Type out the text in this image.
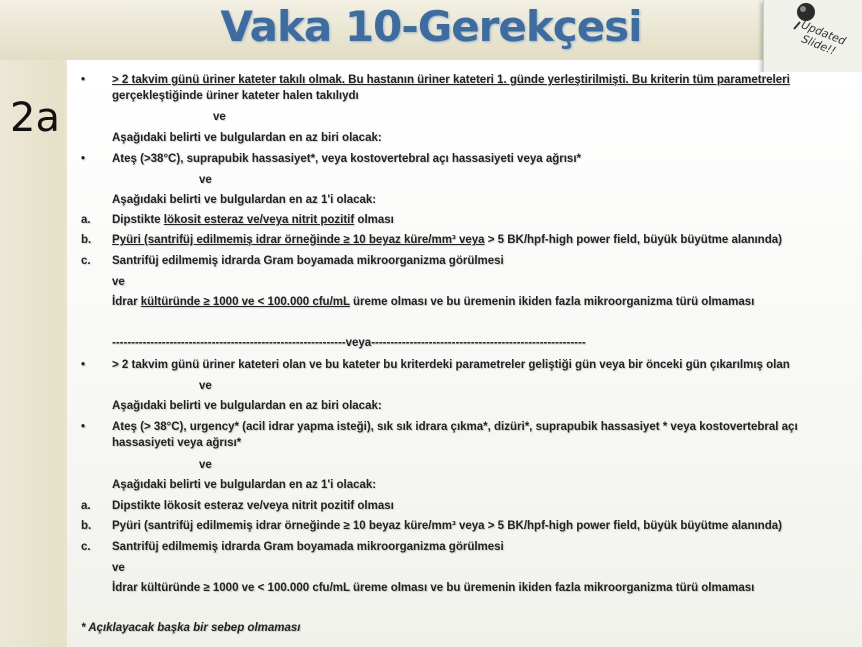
Vaka 10-Gerekçesi	Updated Slide!!
2a
• > 2 takvim günü üriner kateter takılı olmak. Bu hastanın üriner kateteri 1. günde yerleştirilmişti. Bu kriterin tüm parametreleri
gerçekleştiğinde üriner kateter halen takılıydı
ve
Aşağıdaki belirti ve bulgulardan en az biri olacak:
• Ateş (>38°C), suprapubik hassasiyet*, veya kostovertebral açı hassasiyeti veya ağrısı*
ve
Aşağıdaki belirti ve bulgulardan en az 1'i olacak:
a. Dipstikte lökosit esteraz ve/veya nitrit pozitif olması
b. Pyüri (santrifüj edilmemiş idrar örneğinde ≥ 10 beyaz küre/mm³ veya > 5 BK/hpf-high power field, büyük büyütme alanında)
c. Santrifüj edilmemiş idrarda Gram boyamada mikroorganizma görülmesi
ve
İdrar kültüründe ≥ 1000 ve < 100.000 cfu/mL üreme olması ve bu üremenin ikiden fazla mikroorganizma türü olmaması
-------------------------------------------------------------veya--------------------------------------------------------
• > 2 takvim günü üriner kateteri olan ve bu kateter bu kriterdeki parametreler geliştiği gün veya bir önceki gün çıkarılmış olan
ve
Aşağıdaki belirti ve bulgulardan en az biri olacak:
• Ateş (> 38°C), urgency* (acil idrar yapma isteği), sık sık idrara çıkma*, dizüri*, suprapubik hassasiyet * veya kostovertebral açı
hassasiyeti veya ağrısı*
ve
Aşağıdaki belirti ve bulgulardan en az 1'i olacak:
a. Dipstikte lökosit esteraz ve/veya nitrit pozitif olması
b. Pyüri (santrifüj edilmemiş idrar örneğinde ≥ 10 beyaz küre/mm³ veya > 5 BK/hpf-high power field, büyük büyütme alanında)
c. Santrifüj edilmemiş idrarda Gram boyamada mikroorganizma görülmesi
ve
İdrar kültüründe ≥ 1000 ve < 100.000 cfu/mL üreme olması ve bu üremenin ikiden fazla mikroorganizma türü olmaması
* Açıklayacak başka bir sebep olmaması
